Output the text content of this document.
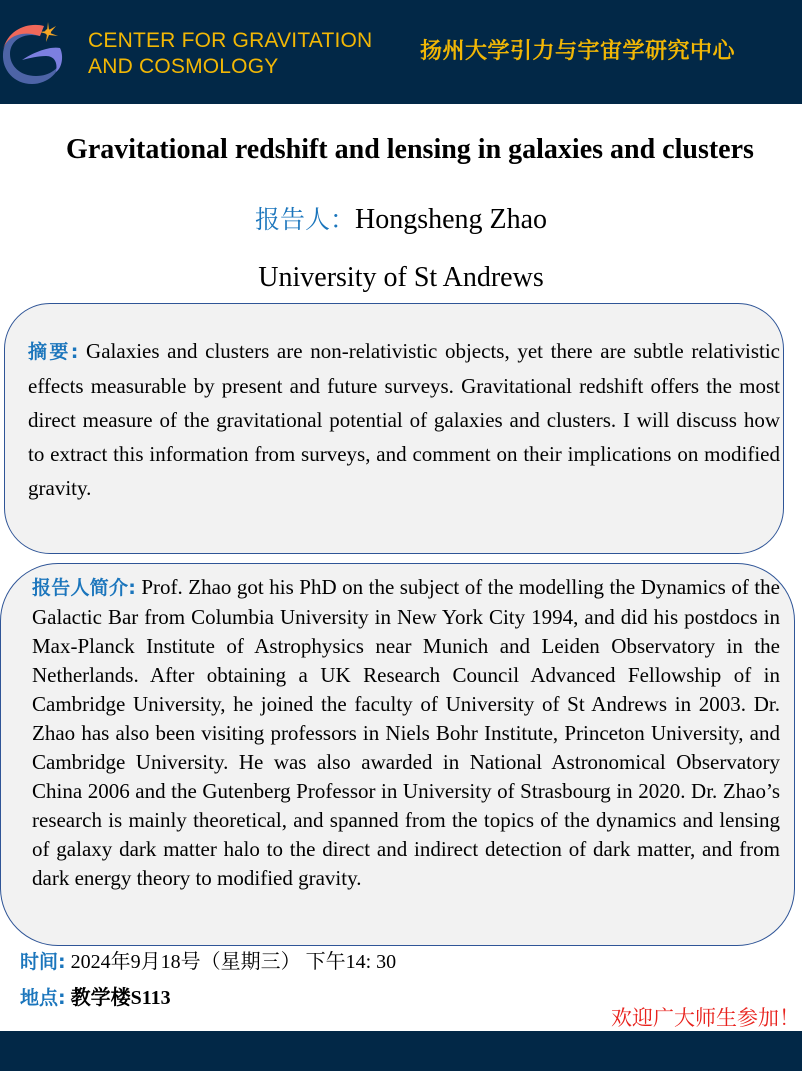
CENTER FOR GRAVITATION
AND COSMOLOGY
扬州大学引力与宇宙学研究中心
Gravitational redshift and lensing in galaxies and clusters
报告人：Hongsheng Zhao
University of St Andrews
摘要: Galaxies and clusters are non-relativistic objects, yet there are subtle relativistic effects measurable by present and future surveys. Gravitational redshift offers the most direct measure of the gravitational potential of galaxies and clusters. I will discuss how to extract this information from surveys, and comment on their implications on modified gravity.
报告人简介: Prof. Zhao got his PhD on the subject of the modelling the Dynamics of the Galactic Bar from Columbia University in New York City 1994, and did his postdocs in Max-Planck Institute of Astrophysics near Munich and Leiden Observatory in the Netherlands. After obtaining a UK Research Council Advanced Fellowship of in Cambridge University, he joined the faculty of University of St Andrews in 2003. Dr. Zhao has also been visiting professors in Niels Bohr Institute, Princeton University, and Cambridge University. He was also awarded in National Astronomical Observatory China 2006 and the Gutenberg Professor in University of Strasbourg in 2020. Dr. Zhao’s research is mainly theoretical, and spanned from the topics of the dynamics and lensing of galaxy dark matter halo to the direct and indirect detection of dark matter, and from dark energy theory to modified gravity.
时间: 2024年9月18号（星期三） 下午14: 30
地点: 教学楼S113
欢迎广大师生参加！
